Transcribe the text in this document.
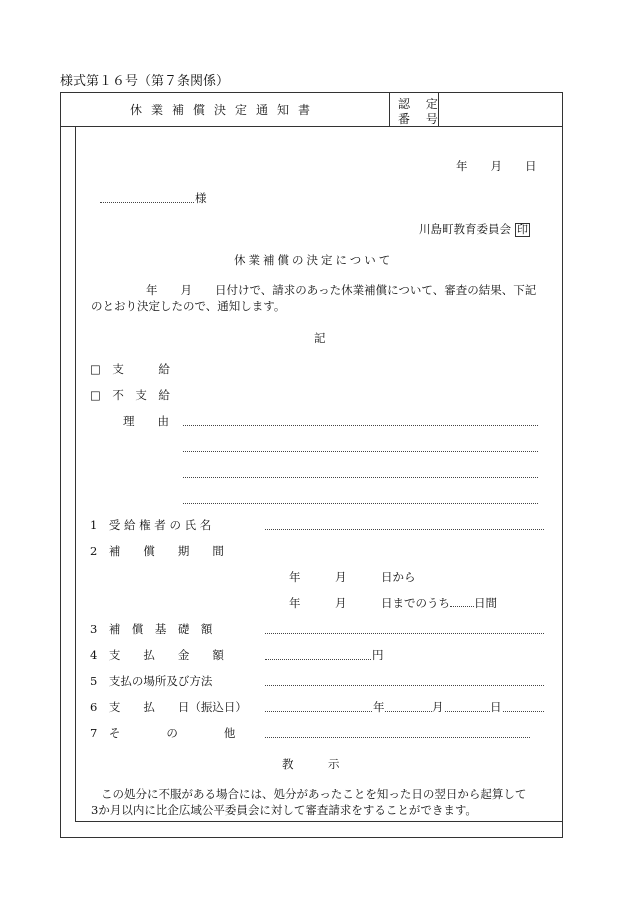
様式第１６号（第７条関係）
休業補償決定通知書	認 定
番 号
年　　月　　日
様
川島町教育委員会 印
休業補償の決定について
年　　月　　日付けで、請求のあった休業補償について、審査の結果、下記
のとおり決定したので、通知します。
記
□　支　　　給
□　不　支　給
理　　由
1　受 給 権 者 の 氏 名
2　補　　償　　期　　間
年　　　月　　　日から
年　　　月　　　日までのうち 日間
3　補　償　基　礎　額
4　支　　払　　金　　額	円
5　支払の場所及び方法
6　支　　払　　日（振込日）	年	月	日
7　そ　　　　の　　　　他
教　　　示
この処分に不服がある場合には、処分があったことを知った日の翌日から起算して
3か月以内に比企広域公平委員会に対して審査請求をすることができます。
